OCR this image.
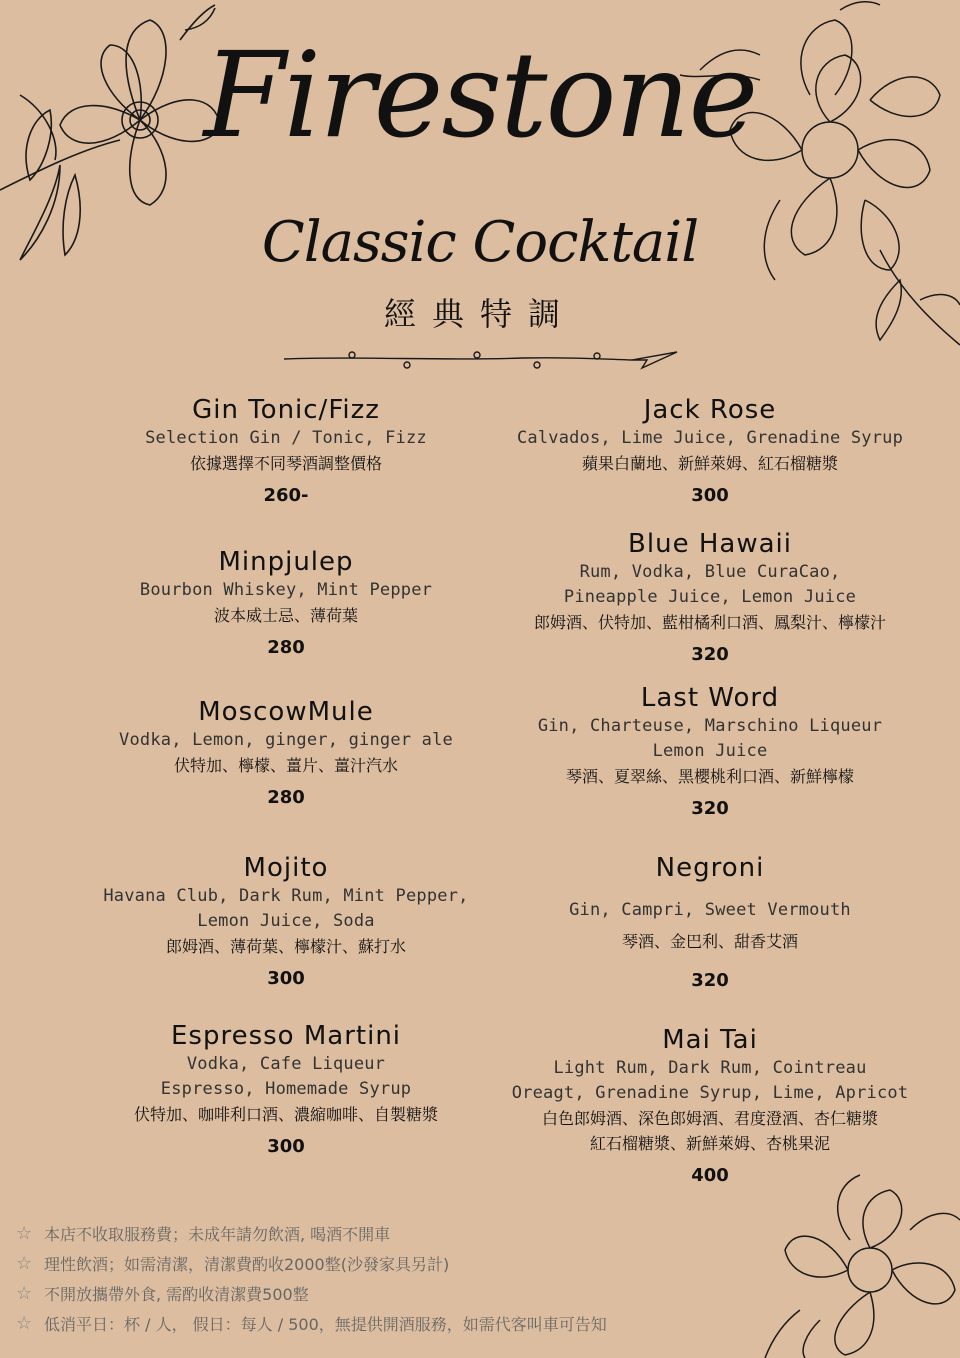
Firestone
Classic Cocktail
經典特調
Gin Tonic/Fizz
Selection Gin / Tonic, Fizz
依據選擇不同琴酒調整價格
260-
Minpjulep
Bourbon Whiskey, Mint Pepper
波本威士忌、薄荷葉
280
MoscowMule
Vodka, Lemon, ginger, ginger ale
伏特加、檸檬、薑片、薑汁汽水
280
Mojito
Havana Club, Dark Rum, Mint Pepper,
Lemon Juice, Soda
郎姆酒、薄荷葉、檸檬汁、蘇打水
300
Espresso Martini
Vodka, Cafe Liqueur
Espresso, Homemade Syrup
伏特加、咖啡利口酒、濃縮咖啡、自製糖漿
300
Jack Rose
Calvados, Lime Juice, Grenadine Syrup
蘋果白蘭地、新鮮萊姆、紅石榴糖漿
300
Blue Hawaii
Rum, Vodka, Blue CuraCao,
Pineapple Juice, Lemon Juice
郎姆酒、伏特加、藍柑橘利口酒、鳳梨汁、檸檬汁
320
Last Word
Gin, Charteuse, Marschino Liqueur
Lemon Juice
琴酒、夏翠絲、黑櫻桃利口酒、新鮮檸檬
320
Negroni
Gin, Campri, Sweet Vermouth
琴酒、金巴利、甜香艾酒
320
Mai Tai
Light Rum, Dark Rum, Cointreau
Oreagt, Grenadine Syrup, Lime, Apricot
白色郎姆酒、深色郎姆酒、君度澄酒、杏仁糖漿
紅石榴糖漿、新鮮萊姆、杏桃果泥
400
☆ 本店不收取服務費；未成年請勿飲酒, 喝酒不開車
☆ 理性飲酒；如需清潔，清潔費酌收2000整(沙發家具另計)
☆ 不開放攜帶外食, 需酌收清潔費500整
☆ 低消平日：杯 / 人， 假日：每人 / 500，無提供開酒服務，如需代客叫車可告知
